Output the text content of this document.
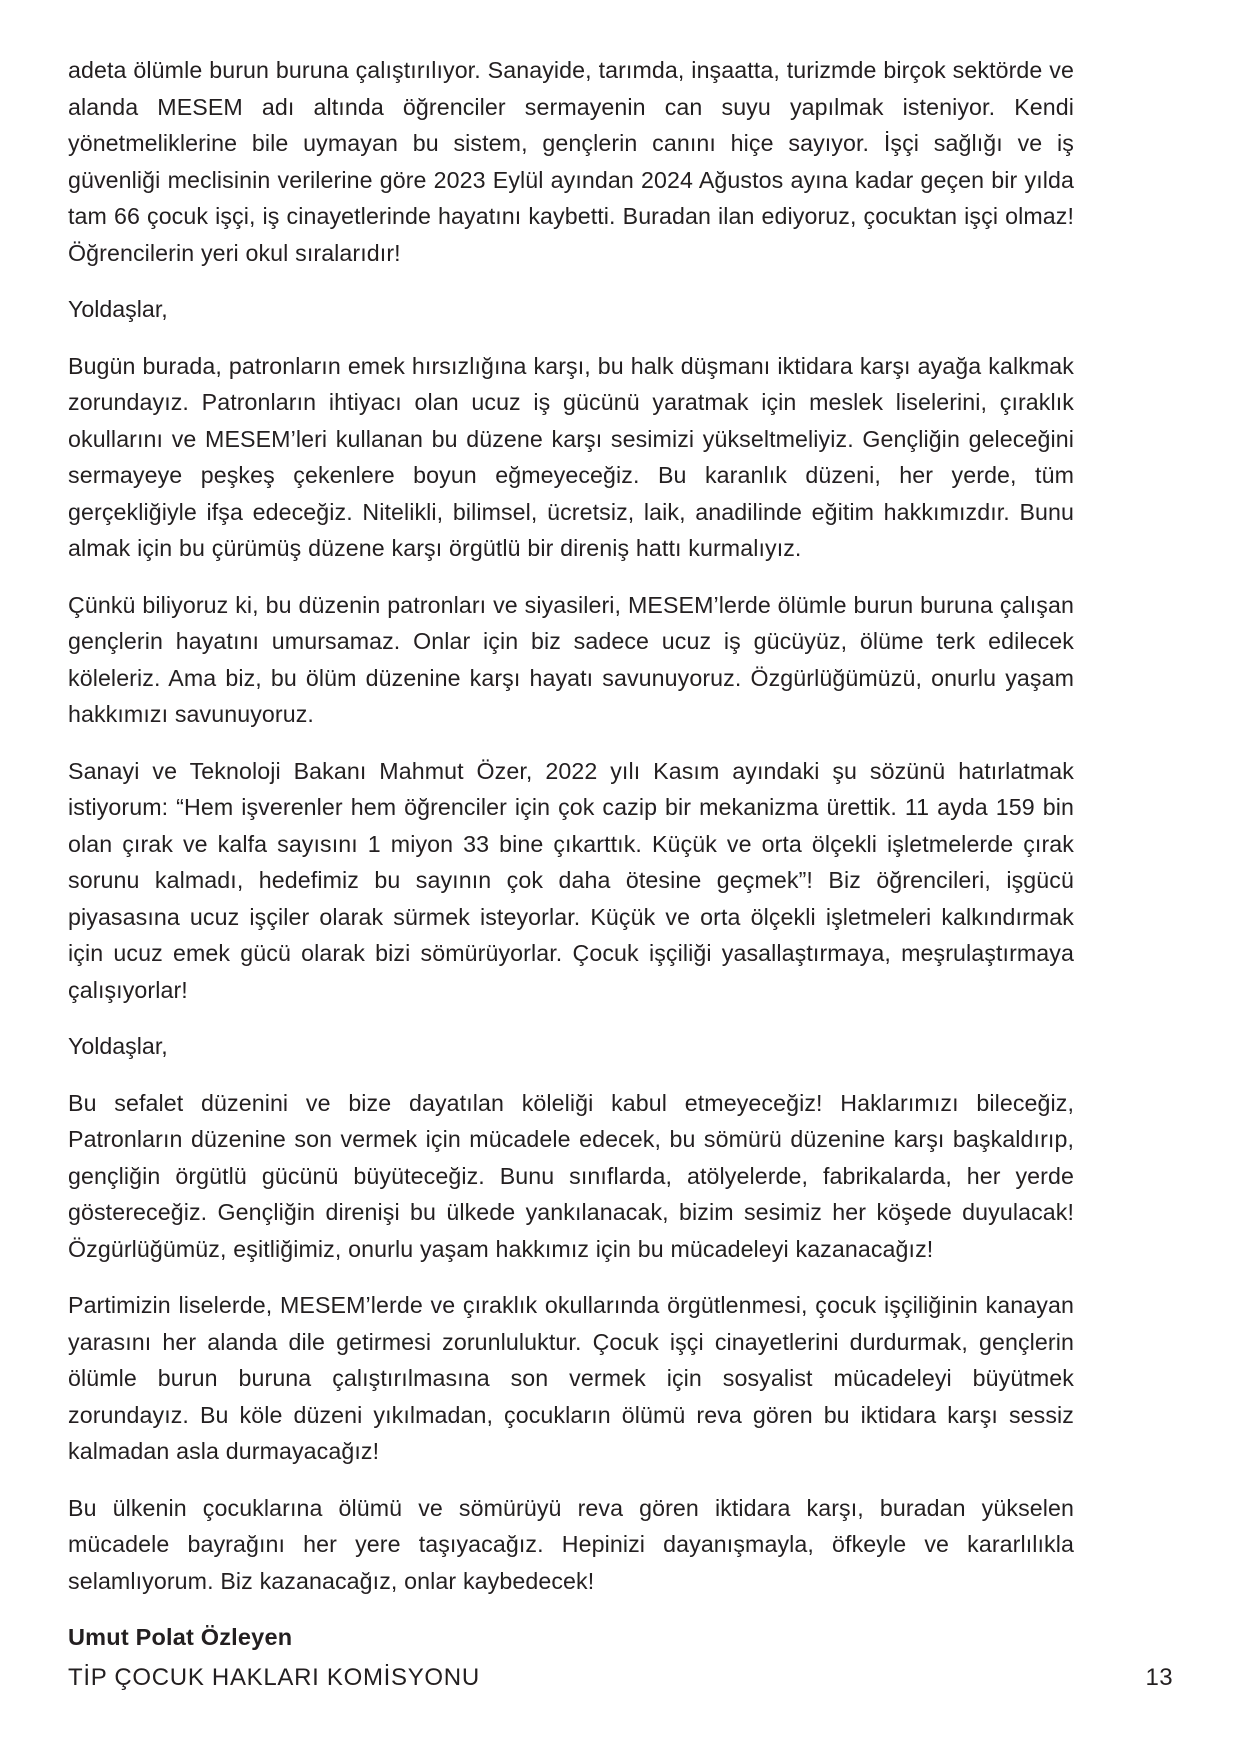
adeta ölümle burun buruna çalıştırılıyor. Sanayide, tarımda, inşaatta, turizmde birçok sektörde ve alanda MESEM adı altında öğrenciler sermayenin can suyu yapılmak isteniyor. Kendi yönetmeliklerine bile uymayan bu sistem, gençlerin canını hiçe sayıyor. İşçi sağlığı ve iş güvenliği meclisinin verilerine göre 2023 Eylül ayından 2024 Ağustos ayına kadar geçen bir yılda tam 66 çocuk işçi, iş cinayetlerinde hayatını kaybetti. Buradan ilan ediyoruz, çocuktan işçi olmaz! Öğrencilerin yeri okul sıralarıdır!

Yoldaşlar,

Bugün burada, patronların emek hırsızlığına karşı, bu halk düşmanı iktidara karşı ayağa kalkmak zorundayız. Patronların ihtiyacı olan ucuz iş gücünü yaratmak için meslek liselerini, çıraklık okullarını ve MESEM’leri kullanan bu düzene karşı sesimizi yükseltmeliyiz. Gençliğin geleceğini sermayeye peşkeş çekenlere boyun eğmeyeceğiz. Bu karanlık düzeni, her yerde, tüm gerçekliğiyle ifşa edeceğiz. Nitelikli, bilimsel, ücretsiz, laik, anadilinde eğitim hakkımızdır. Bunu almak için bu çürümüş düzene karşı örgütlü bir direniş hattı kurmalıyız.

Çünkü biliyoruz ki, bu düzenin patronları ve siyasileri, MESEM’lerde ölümle burun buruna çalışan gençlerin hayatını umursamaz. Onlar için biz sadece ucuz iş gücüyüz, ölüme terk edilecek köleleriz. Ama biz, bu ölüm düzenine karşı hayatı savunuyoruz. Özgürlüğümüzü, onurlu yaşam hakkımızı savunuyoruz.

Sanayi ve Teknoloji Bakanı Mahmut Özer, 2022 yılı Kasım ayındaki şu sözünü hatırlatmak istiyorum: “Hem işverenler hem öğrenciler için çok cazip bir mekanizma ürettik. 11 ayda 159 bin olan çırak ve kalfa sayısını 1 miyon 33 bine çıkarttık. Küçük ve orta ölçekli işletmelerde çırak sorunu kalmadı, hedefimiz bu sayının çok daha ötesine geçmek”! Biz öğrencileri, işgücü piyasasına ucuz işçiler olarak sürmek isteyorlar. Küçük ve orta ölçekli işletmeleri kalkındırmak için ucuz emek gücü olarak bizi sömürüyorlar. Çocuk işçiliği yasallaştırmaya, meşrulaştırmaya çalışıyorlar!

Yoldaşlar,

Bu sefalet düzenini ve bize dayatılan köleliği kabul etmeyeceğiz! Haklarımızı bileceğiz, Patronların düzenine son vermek için mücadele edecek, bu sömürü düzenine karşı başkaldırıp, gençliğin örgütlü gücünü büyüteceğiz. Bunu sınıflarda, atölyelerde, fabrikalarda, her yerde göstereceğiz. Gençliğin direnişi bu ülkede yankılanacak, bizim sesimiz her köşede duyulacak! Özgürlüğümüz, eşitliğimiz, onurlu yaşam hakkımız için bu mücadeleyi kazanacağız!

Partimizin liselerde, MESEM’lerde ve çıraklık okullarında örgütlenmesi, çocuk işçiliğinin kanayan yarasını her alanda dile getirmesi zorunluluktur. Çocuk işçi cinayetlerini durdurmak, gençlerin ölümle burun buruna çalıştırılmasına son vermek için sosyalist mücadeleyi büyütmek zorundayız. Bu köle düzeni yıkılmadan, çocukların ölümü reva gören bu iktidara karşı sessiz kalmadan asla durmayacağız!

Bu ülkenin çocuklarına ölümü ve sömürüyü reva gören iktidara karşı, buradan yükselen mücadele bayrağını her yere taşıyacağız. Hepinizi dayanışmayla, öfkeyle ve kararlılıkla selamlıyorum. Biz kazanacağız, onlar kaybedecek!

Umut Polat Özleyen

TİP ÇOCUK HAKLARI KOMİSYONU	13
